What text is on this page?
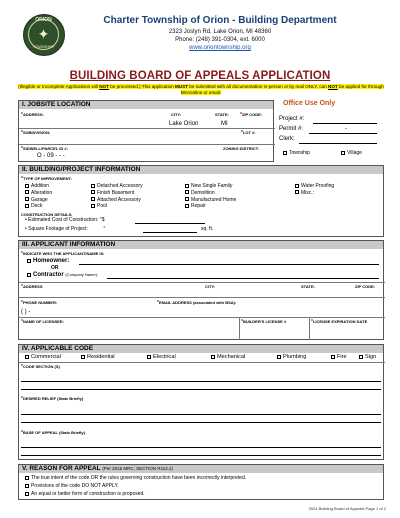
ORION
✦
TOWNSHIP
Charter Township of Orion - Building Department
2323 Joslyn Rd. Lake Orion, MI 48360
Phone: (248) 391-0304, ext. 6000
www.oriontownship.org
BUILDING BOARD OF APPEALS APPLICATION
(Illegible or Incomplete Applications will NOT be processed.) This application MUST be submitted with all documentation in-person or by mail ONLY, can NOT be applied for through BSAonline or email.
Office Use Only
Project #:
Permit #:	-
Clerk:
Township	Village
I. JOBSITE LOCATION
*ADDRESS:	CITY:
Lake Orion
STATE:
MI
*ZIP CODE:
*SUBDIVISION:	*LOT #:
*SIDWELL/PARCEL ID #:
O - 09 - - -
ZONING DISTRICT:
II. BUILDING/PROJECT INFORMATION
*TYPE OF IMPROVEMENT:
Addition	Detached Accessory	New Single Family	Water Proofing
Alteration	Finish Basement	Demolition	Misc.:
Garage	Attached Accessory	Manufactured Home
Deck	Pool	Repair
CONSTRUCTION DETAILS:
• Estimated Cost of Construction: *$
• Square Footage of Project:	*	sq. ft.
III. APPLICANT INFORMATION
*INDICATE WHO THE APPLICANT/NAME IS:
Homeowner:
OR
Contractor (Company Name):
*ADDRESS	CITY:	STATE:	ZIP CODE:
*PHONE NUMBER:
( ) -
*EMAIL ADDRESS (associated with BSA):
*NAME OF LICENSEE:	*BUILDER'S LICENSE #	*LICENSE EXPIRATION DATE
IV. APPLICABLE CODE
Commercial	Residential	Electrical	Mechanical	Plumbing	Fire	Sign
*CODE SECTION (S)
*DESIRED RELIEF (State Briefly)
*BASE OF APPEAL (State Briefly)
V. REASON FOR APPEAL (Per 2015 MRC, SECTION R112.2)
The true intent of the code OR the rules governing construction have been incorrectly interpreted.
Provisions of the code DO NOT APPLY.
An equal or better form of construction is proposed.
2024 Building Board of Appeals Page 1 of 2
